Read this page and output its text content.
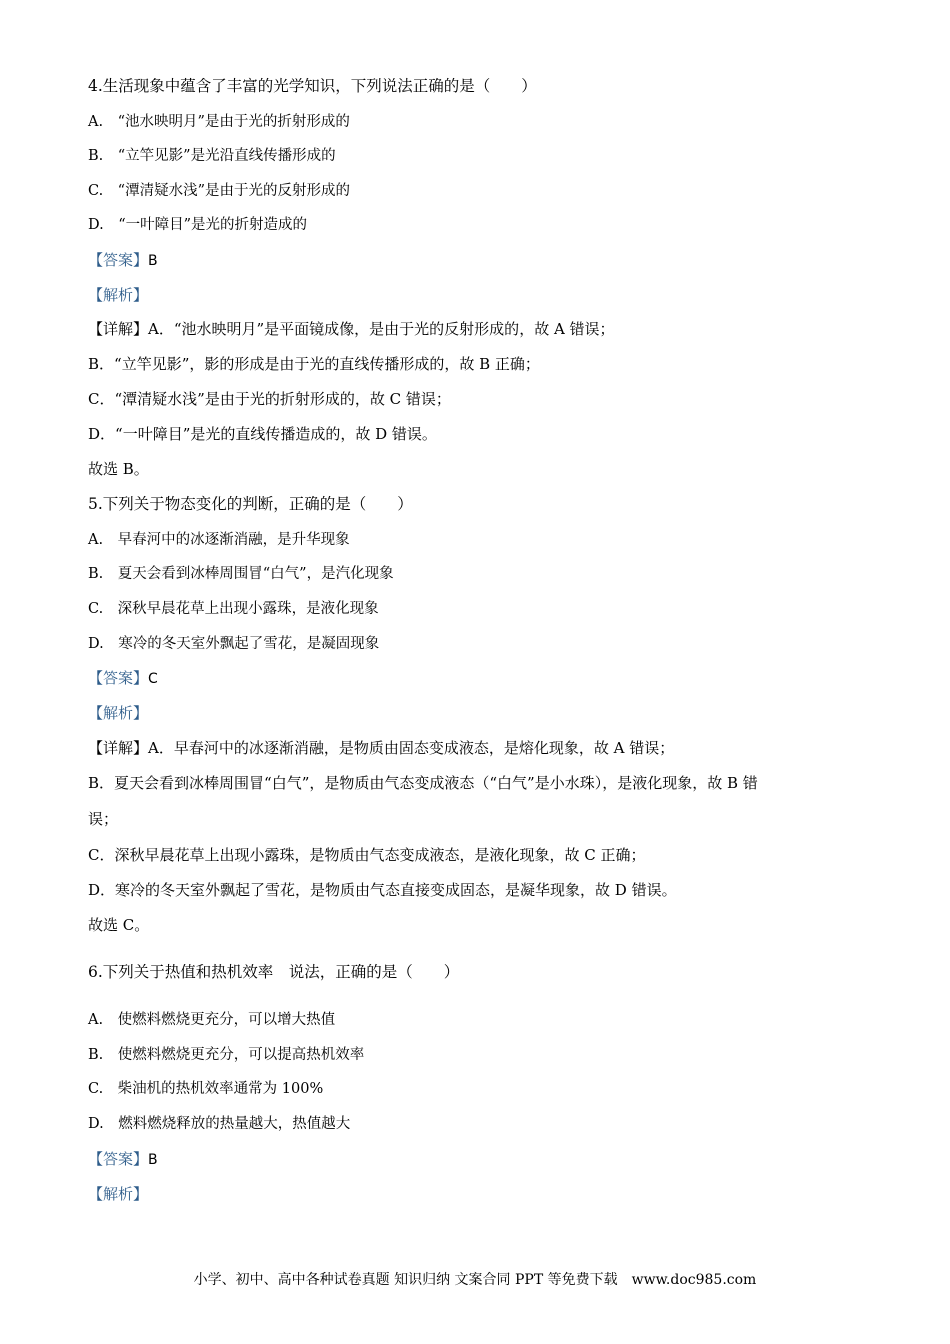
4.生活现象中蕴含了丰富的光学知识，下列说法正确的是（　　）
A.　“池水映明月”是由于光的折射形成的
B.　“立竿见影”是光沿直线传播形成的
C.　“潭清疑水浅”是由于光的反射形成的
D.　“一叶障目”是光的折射造成的
【答案】B
【解析】
【详解】A．“池水映明月”是平面镜成像，是由于光的反射形成的，故 A 错误；
B．“立竿见影”，影的形成是由于光的直线传播形成的，故 B 正确；
C．“潭清疑水浅”是由于光的折射形成的，故 C 错误；
D．“一叶障目”是光的直线传播造成的，故 D 错误。
故选 B。
5.下列关于物态变化的判断，正确的是（　　）
A.　早春河中的冰逐渐消融，是升华现象
B.　夏天会看到冰棒周围冒“白气”，是汽化现象
C.　深秋早晨花草上出现小露珠，是液化现象
D.　寒冷的冬天室外飘起了雪花，是凝固现象
【答案】C
【解析】
【详解】A．早春河中的冰逐渐消融，是物质由固态变成液态，是熔化现象，故 A 错误；
B．夏天会看到冰棒周围冒“白气”，是物质由气态变成液态（“白气”是小水珠），是液化现象，故 B 错
误；
C．深秋早晨花草上出现小露珠，是物质由气态变成液态，是液化现象，故 C 正确；
D．寒冷的冬天室外飘起了雪花，是物质由气态直接变成固态，是凝华现象，故 D 错误。
故选 C。
6.下列关于热值和热机效率　说法，正确的是（　　）
A.　使燃料燃烧更充分，可以增大热值
B.　使燃料燃烧更充分，可以提高热机效率
C.　柴油机的热机效率通常为 100%
D.　燃料燃烧释放的热量越大，热值越大
【答案】B
【解析】
小学、初中、高中各种试卷真题 知识归纳 文案合同 PPT 等免费下载　www.doc985.com
